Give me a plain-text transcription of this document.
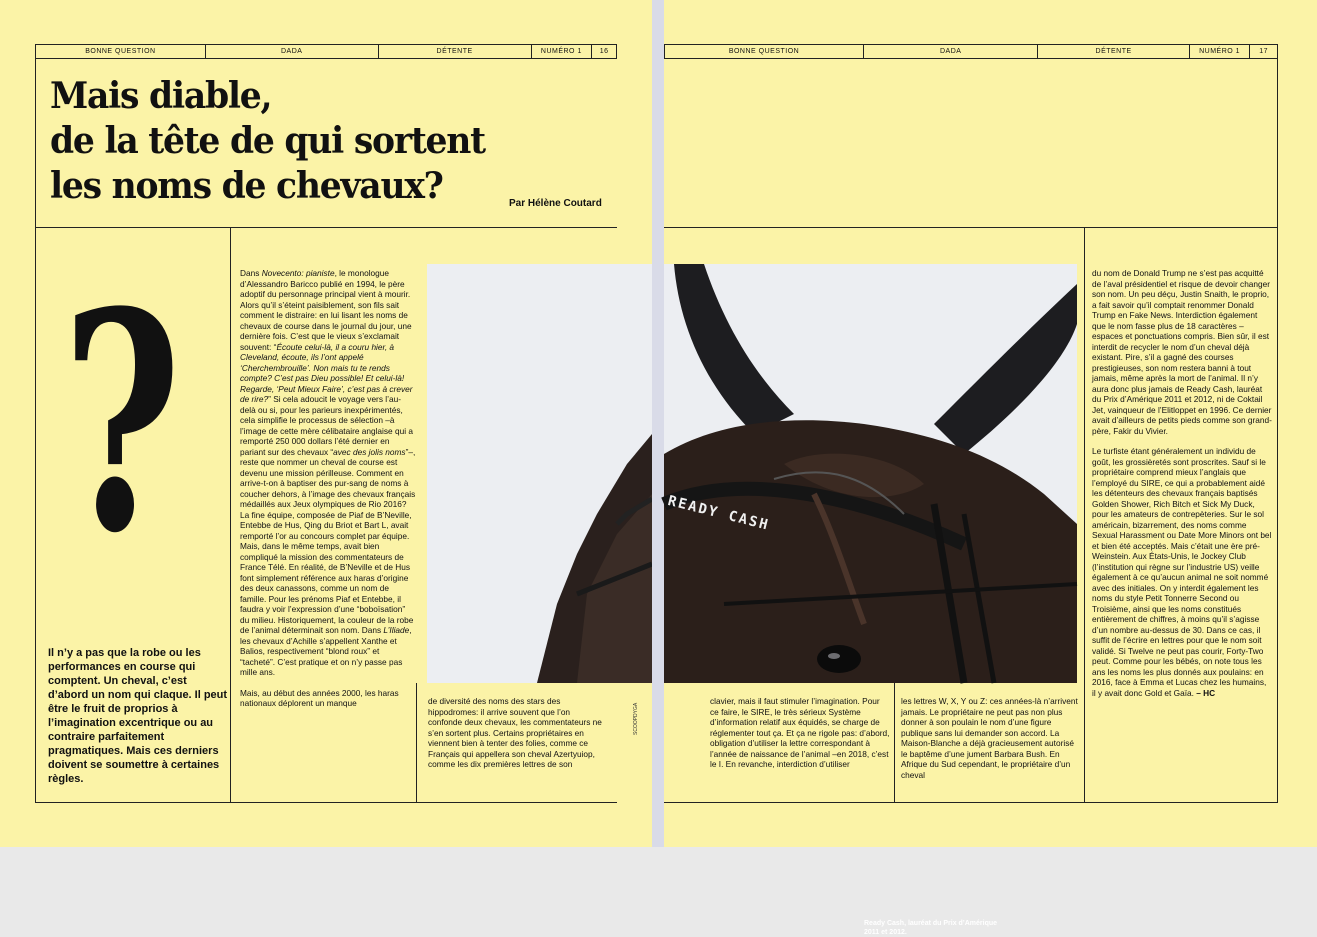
BONNE QUESTION	DADA	DÉTENTE	NUMÉRO 1	16
Mais diable,
de la tête de qui sortent
les noms de chevaux?	Par Hélène Coutard
?
Il n’y a pas que la robe ou les performances en course qui comptent. Un cheval, c’est d’abord un nom qui claque. Il peut être le fruit de proprios à l’imagination excentrique ou au contraire parfaitement pragmatiques. Mais ces derniers doivent se soumettre à certaines règles.

Dans Novecento: pianiste, le monologue d’Alessandro Baricco publié en 1994, le père adoptif du personnage principal vient à mourir. Alors qu’il s’éteint paisiblement, son fils sait comment le distraire: en lui lisant les noms de chevaux de course dans le journal du jour, une dernière fois. C’est que le vieux s’exclamait souvent: “Écoute celui-là, il a couru hier, à Cleveland, écoute, ils l’ont appelé ‘Cherchembrouille’. Non mais tu te rends compte? C’est pas Dieu possible! Et celui-là! Regarde, ‘Peut Mieux Faire’, c’est pas à crever de rire?” Si cela adoucit le voyage vers l’au-delà ou si, pour les parieurs inexpérimentés, cela simplifie le processus de sélection –à l’image de cette mère célibataire anglaise qui a remporté 250 000 dollars l’été dernier en pariant sur des chevaux “avec des jolis noms”–, reste que nommer un cheval de course est devenu une mission périlleuse. Comment en arrive-t-on à baptiser des pur-sang de noms à coucher dehors, à l’image des chevaux français médaillés aux Jeux olympiques de Rio 2016? La fine équipe, composée de Piaf de B’Neville, Entebbe de Hus, Qing du Briot et Bart L, avait remporté l’or au concours complet par équipe. Mais, dans le même temps, avait bien compliqué la mission des commentateurs de France Télé. En réalité, de B’Neville et de Hus font simplement référence aux haras d’origine des deux canassons, comme un nom de famille. Pour les prénoms Piaf et Entebbe, il faudra y voir l’expression d’une “boboïsation” du milieu. Historiquement, la couleur de la robe de l’animal déterminait son nom. Dans L’Iliade, les chevaux d’Achille s’appellent Xanthe et Balios, respectivement “blond roux” et “tacheté”. C’est pratique et on n’y passe pas mille ans.

Mais, au début des années 2000, les haras nationaux déplorent un manque	de diversité des noms des stars des hippodromes: il arrive souvent que l’on confonde deux chevaux, les commentateurs ne s’en sortent plus. Certains propriétaires en viennent bien à tenter des folies, comme ce Français qui appellera son cheval Azertyuiop, comme les dix premières lettres de son
SCOOPDYGA
Ready Cash, lauréat du Prix d’Amérique 2011 et 2012.
BONNE QUESTION	DADA	DÉTENTE	NUMÉRO 1	17
READY CASH
clavier, mais il faut stimuler l’imagination. Pour ce faire, le SIRE, le très sérieux Système d’information relatif aux équidés, se charge de réglementer tout ça. Et ça ne rigole pas: d’abord, obligation d’utiliser la lettre correspondant à l’année de naissance de l’animal –en 2018, c’est le I. En revanche, interdiction d’utiliser
les lettres W, X, Y ou Z: ces années-là n’arrivent jamais. Le propriétaire ne peut pas non plus donner à son poulain le nom d’une figure publique sans lui demander son accord. La Maison-Blanche a déjà gracieusement autorisé le baptême d’une jument Barbara Bush. En Afrique du Sud cependant, le propriétaire d’un cheval

du nom de Donald Trump ne s’est pas acquitté de l’aval présidentiel et risque de devoir changer son nom. Un peu déçu, Justin Snaith, le proprio, a fait savoir qu’il comptait renommer Donald Trump en Fake News. Interdiction également que le nom fasse plus de 18 caractères –espaces et ponctuations compris. Bien sûr, il est interdit de recycler le nom d’un cheval déjà existant. Pire, s’il a gagné des courses prestigieuses, son nom restera banni à tout jamais, même après la mort de l’animal. Il n’y aura donc plus jamais de Ready Cash, lauréat du Prix d’Amérique 2011 et 2012, ni de Coktail Jet, vainqueur de l’Elitloppet en 1996. Ce dernier avait d’ailleurs de petits pieds comme son grand-père, Fakir du Vivier.

Le turfiste étant généralement un individu de goût, les grossièretés sont proscrites. Sauf si le propriétaire comprend mieux l’anglais que l’employé du SIRE, ce qui a probablement aidé les détenteurs des chevaux français baptisés Golden Shower, Rich Bitch et Sick My Duck, pour les amateurs de contrepèteries. Sur le sol américain, bizarrement, des noms comme Sexual Harassment ou Date More Minors ont bel et bien été acceptés. Mais c’était une ère pré-Weinstein. Aux États-Unis, le Jockey Club (l’institution qui règne sur l’industrie US) veille également à ce qu’aucun animal ne soit nommé avec des initiales. On y interdit également les noms du style Petit Tonnerre Second ou Troisième, ainsi que les noms constitués entièrement de chiffres, à moins qu’il s’agisse d’un nombre au-dessus de 30. Dans ce cas, il suffit de l’écrire en lettres pour que le nom soit validé. Si Twelve ne peut pas courir, Forty-Two peut. Comme pour les bébés, on note tous les ans les noms les plus donnés aux poulains: en 2016, face à Emma et Lucas chez les humains, il y avait donc Gold et Gaïa. – HC
